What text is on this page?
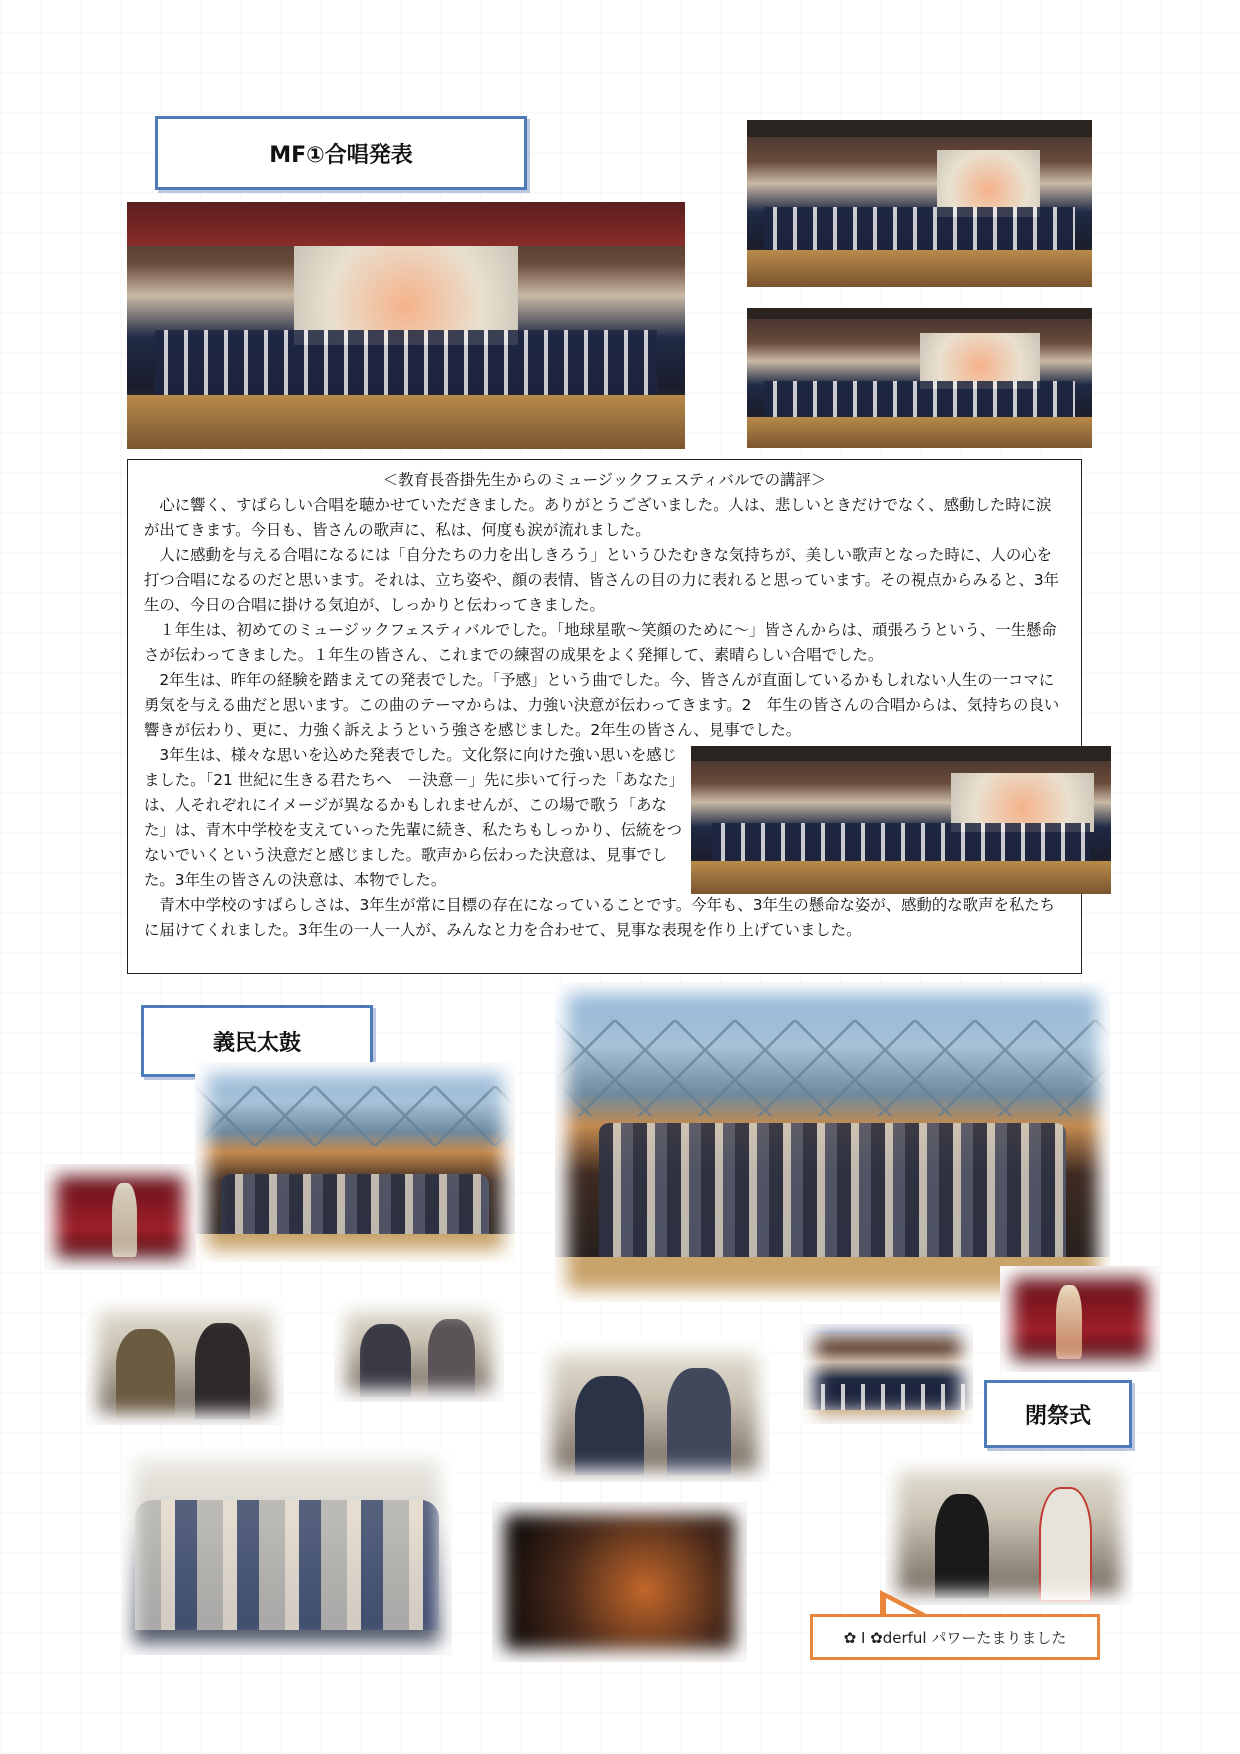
MF①合唱発表
＜教育長沓掛先生からのミュージックフェスティバルでの講評＞

心に響く、すばらしい合唱を聴かせていただきました。ありがとうございました。人は、悲しいときだけでなく、感動した時に涙が出てきます。今日も、皆さんの歌声に、私は、何度も涙が流れました。

人に感動を与える合唱になるには「自分たちの力を出しきろう」というひたむきな気持ちが、美しい歌声となった時に、人の心を打つ合唱になるのだと思います。それは、立ち姿や、顔の表情、皆さんの目の力に表れると思っています。その視点からみると、3年生の、今日の合唱に掛ける気迫が、しっかりと伝わってきました。

１年生は、初めてのミュージックフェスティバルでした。「地球星歌～笑顔のために～」皆さんからは、頑張ろうという、一生懸命さが伝わってきました。１年生の皆さん、これまでの練習の成果をよく発揮して、素晴らしい合唱でした。

2年生は、昨年の経験を踏まえての発表でした。「予感」という曲でした。今、皆さんが直面しているかもしれない人生の一コマに勇気を与える曲だと思います。この曲のテーマからは、力強い決意が伝わってきます。2　年生の皆さんの合唱からは、気持ちの良い響きが伝わり、更に、力強く訴えようという強さを感じました。2年生の皆さん、見事でした。

3年生は、様々な思いを込めた発表でした。文化祭に向けた強い思いを感じました。「21 世紀に生きる君たちへ　－決意－」先に歩いて行った「あなた」は、人それぞれにイメージが異なるかもしれませんが、この場で歌う「あなた」は、青木中学校を支えていった先輩に続き、私たちもしっかり、伝統をつないでいくという決意だと感じました。歌声から伝わった決意は、見事でした。3年生の皆さんの決意は、本物でした。

青木中学校のすばらしさは、3年生が常に目標の存在になっていることです。今年も、3年生の懸命な姿が、感動的な歌声を私たちに届けてくれました。3年生の一人一人が、みんなと力を合わせて、見事な表現を作り上げていました。

義民太鼓
閉祭式
✿ I ✿derful パワーたまりました
